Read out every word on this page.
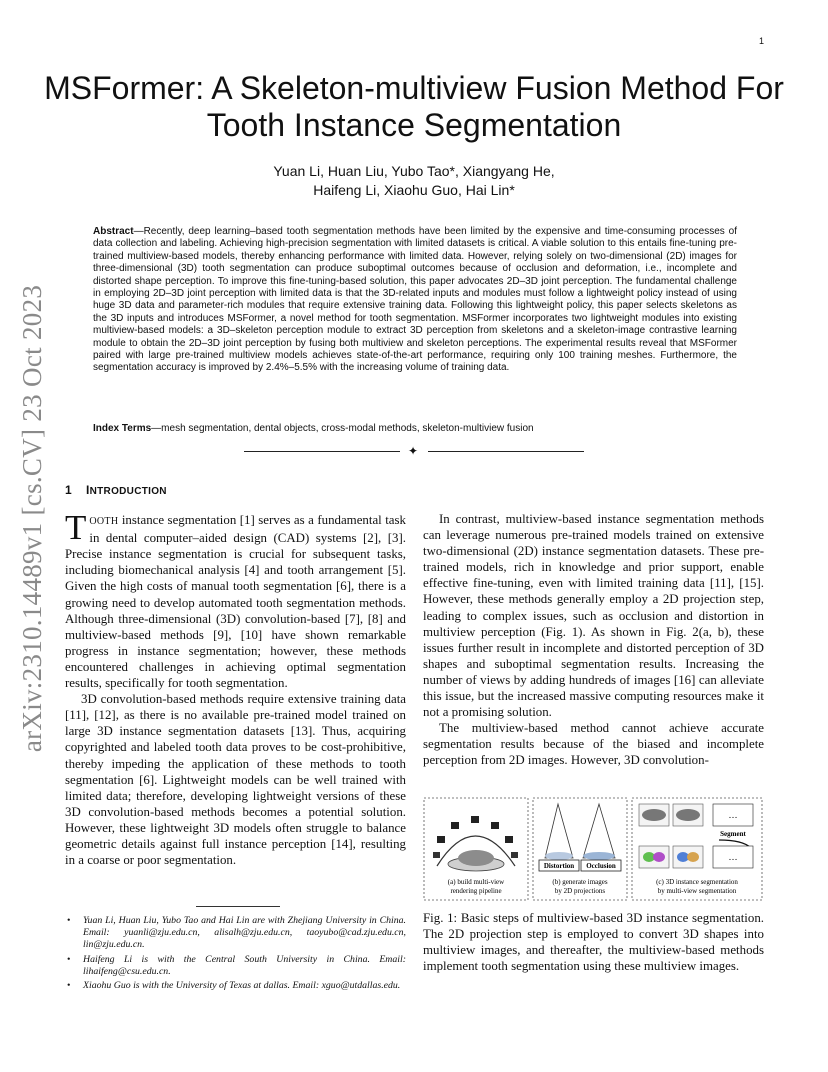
1
arXiv:2310.14489v1 [cs.CV] 23 Oct 2023
MSFormer: A Skeleton-multiview Fusion Method For Tooth Instance Segmentation
Yuan Li, Huan Liu, Yubo Tao*, Xiangyang He,
Haifeng Li, Xiaohu Guo, Hai Lin*
Abstract—Recently, deep learning–based tooth segmentation methods have been limited by the expensive and time-consuming processes of data collection and labeling. Achieving high-precision segmentation with limited datasets is critical. A viable solution to this entails fine-tuning pre-trained multiview-based models, thereby enhancing performance with limited data. However, relying solely on two-dimensional (2D) images for three-dimensional (3D) tooth segmentation can produce suboptimal outcomes because of occlusion and deformation, i.e., incomplete and distorted shape perception. To improve this fine-tuning-based solution, this paper advocates 2D–3D joint perception. The fundamental challenge in employing 2D–3D joint perception with limited data is that the 3D-related inputs and modules must follow a lightweight policy instead of using huge 3D data and parameter-rich modules that require extensive training data. Following this lightweight policy, this paper selects skeletons as the 3D inputs and introduces MSFormer, a novel method for tooth segmentation. MSFormer incorporates two lightweight modules into existing multiview-based models: a 3D–skeleton perception module to extract 3D perception from skeletons and a skeleton-image contrastive learning module to obtain the 2D–3D joint perception by fusing both multiview and skeleton perceptions. The experimental results reveal that MSFormer paired with large pre-trained multiview models achieves state-of-the-art performance, requiring only 100 training meshes. Furthermore, the segmentation accuracy is improved by 2.4%–5.5% with the increasing volume of training data.
Index Terms—mesh segmentation, dental objects, cross-modal methods, skeleton-multiview fusion
✦
1 INTRODUCTION

TOOTH instance segmentation [1] serves as a fundamental task in dental computer–aided design (CAD) systems [2], [3]. Precise instance segmentation is crucial for subsequent tasks, including biomechanical analysis [4] and tooth arrangement [5]. Given the high costs of manual tooth segmentation [6], there is a growing need to develop automated tooth segmentation methods. Although three-dimensional (3D) convolution-based [7], [8] and multiview-based methods [9], [10] have shown remarkable progress in instance segmentation; however, these methods encountered challenges in achieving optimal segmentation results, specifically for tooth segmentation.

3D convolution-based methods require extensive training data [11], [12], as there is no available pre-trained model trained on large 3D instance segmentation datasets [13]. Thus, acquiring copyrighted and labeled tooth data proves to be cost-prohibitive, thereby impeding the application of these methods to tooth segmentation [6]. Lightweight models can be well trained with limited data; therefore, developing lightweight versions of these 3D convolution-based methods becomes a potential solution. However, these lightweight 3D models often struggle to balance geometric details against full instance perception [14], resulting in a coarse or poor segmentation.

• Yuan Li, Huan Liu, Yubo Tao and Hai Lin are with Zhejiang University in China. Email: yuanli@zju.edu.cn, alisalh@zju.edu.cn, taoyubo@cad.zju.edu.cn, lin@zju.edu.cn.
• Haifeng Li is with the Central South University in China. Email: lihaifeng@csu.edu.cn.
• Xiaohu Guo is with the University of Texas at dallas. Email: xguo@utdallas.edu.

In contrast, multiview-based instance segmentation methods can leverage numerous pre-trained models trained on extensive two-dimensional (2D) instance segmentation datasets. These pre-trained models, rich in knowledge and prior support, enable effective fine-tuning, even with limited training data [11], [15]. However, these methods generally employ a 2D projection step, leading to complex issues, such as occlusion and distortion in multiview perception (Fig. 1). As shown in Fig. 2(a, b), these issues further result in incomplete and distorted perception of 3D shapes and suboptimal segmentation results. Increasing the number of views by adding hundreds of images [16] can alleviate this issue, but the increased massive computing resources make it not a promising solution.

The multiview-based method cannot achieve accurate segmentation results because of the biased and incomplete perception from 2D images. However, 3D convolution-

(a) build multi-view
rendering pipeline
Distortion Occlusion
(b) generate images
by 2D projections
…
Segment
…
(c) 3D instance segmentation
by multi-view segmentation
Fig. 1: Basic steps of multiview-based 3D instance segmentation. The 2D projection step is employed to convert 3D shapes into multiview images, and thereafter, the multiview-based methods implement tooth segmentation using these multiview images.
